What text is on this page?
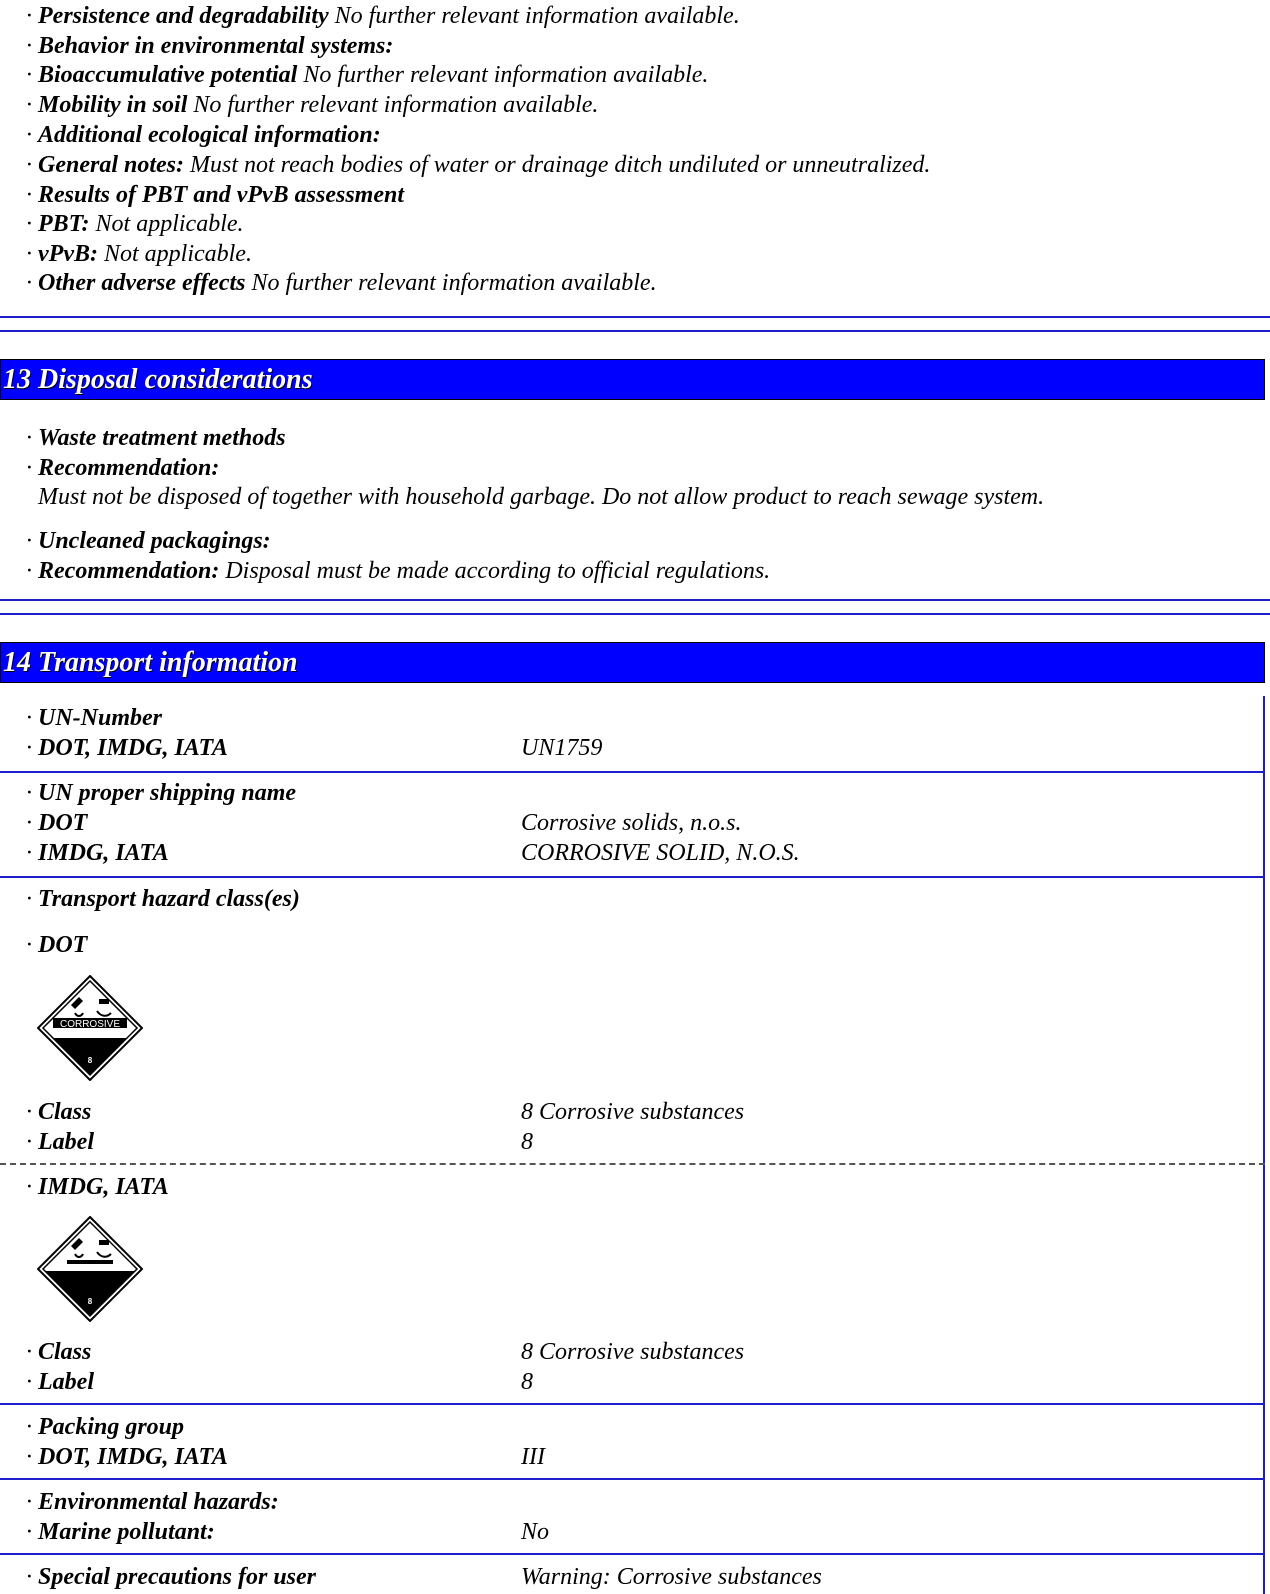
· Persistence and degradability No further relevant information available.
· Behavior in environmental systems:
· Bioaccumulative potential No further relevant information available.
· Mobility in soil No further relevant information available.
· Additional ecological information:
· General notes: Must not reach bodies of water or drainage ditch undiluted or unneutralized.
· Results of PBT and vPvB assessment
· PBT: Not applicable.
· vPvB: Not applicable.
· Other adverse effects No further relevant information available.
13 Disposal considerations
· Waste treatment methods
· Recommendation:
Must not be disposed of together with household garbage. Do not allow product to reach sewage system.
· Uncleaned packagings:
· Recommendation: Disposal must be made according to official regulations.
14 Transport information
· UN-Number
· DOT, IMDG, IATA	UN1759
· UN proper shipping name
· DOT	Corrosive solids, n.o.s.
· IMDG, IATA	CORROSIVE SOLID, N.O.S.
· Transport hazard class(es)
· DOT
CORROSIVE
8
· Class	8 Corrosive substances
· Label	8
· IMDG, IATA
8
· Class	8 Corrosive substances
· Label	8
· Packing group
· DOT, IMDG, IATA	III
· Environmental hazards:
· Marine pollutant:	No
· Special precautions for user	Warning: Corrosive substances
